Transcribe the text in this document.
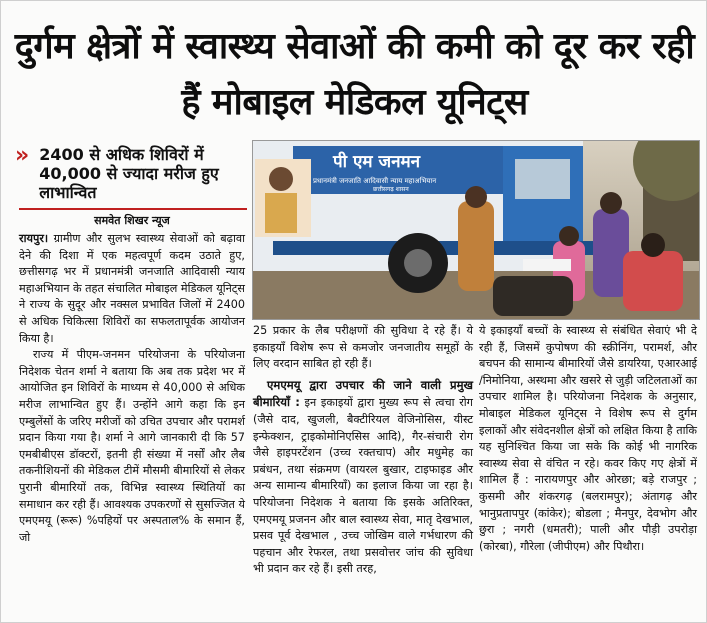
दुर्गम क्षेत्रों में स्वास्थ्य सेवाओं की कमी को दूर कर रही हैं मोबाइल मेडिकल यूनिट्स
» 2400 से अधिक शिविरों में 40,000 से ज्यादा मरीज हुए लाभान्वित
समवेत शिखर न्यूज
पी एम जनमन
प्रधानमंत्री जनजाति आदिवासी न्याय महाअभियान
छत्तीसगढ़ शासन

रायपुर। ग्रामीण और सुलभ स्वास्थ्य सेवाओं को बढ़ावा देने की दिशा में एक महत्वपूर्ण कदम उठाते हुए, छत्तीसगढ़ भर में प्रधानमंत्री जनजाति आदिवासी न्याय महाअभियान के तहत संचालित मोबाइल मेडिकल यूनिट्स ने राज्य के सुदूर और नक्सल प्रभावित जिलों में 2400 से अधिक चिकित्सा शिविरों का सफलतापूर्वक आयोजन किया है।

राज्य में पीएम-जनमन परियोजना के परियोजना निदेशक चेतन शर्मा ने बताया कि अब तक प्रदेश भर में आयोजित इन शिविरों के माध्यम से 40,000 से अधिक मरीज लाभान्वित हुए हैं। उन्होंने आगे कहा कि इन एम्बुलेंसों के जरिए मरीजों को उचित उपचार और परामर्श प्रदान किया गया है। शर्मा ने आगे जानकारी दी कि 57 एमबीबीएस डॉक्टरों, इतनी ही संख्या में नर्सों और लैब तकनीशियनों की मेडिकल टीमें मौसमी बीमारियों से लेकर पुरानी बीमारियों तक, विभिन्न स्वास्थ्य स्थितियों का समाधान कर रही हैं। आवश्यक उपकरणों से सुसज्जित ये एमएमयू (रूरू) %पहियों पर अस्पताल% के समान हैं, जो

25 प्रकार के लैब परीक्षणों की सुविधा दे रहे हैं। ये इकाइयाँ विशेष रूप से कमजोर जनजातीय समूहों के लिए वरदान साबित हो रही हैं।

एमएमयू द्वारा उपचार की जाने वाली प्रमुख बीमारियाँ : इन इकाइयों द्वारा मुख्य रूप से त्वचा रोग (जैसे दाद, खुजली, बैक्टीरियल वेजिनोसिस, यीस्ट इन्फेक्शन, ट्राइकोमोनिएसिस आदि), गैर-संचारी रोग जैसे हाइपरटेंशन (उच्च रक्तचाप) और मधुमेह का प्रबंधन, तथा संक्रमण (वायरल बुखार, टाइफाइड और अन्य सामान्य बीमारियाँ) का इलाज किया जा रहा है। परियोजना निदेशक ने बताया कि इसके अतिरिक्त, एमएमयू प्रजनन और बाल स्वास्थ्य सेवा, मातृ देखभाल, प्रसव पूर्व देखभाल , उच्च जोखिम वाले गर्भधारण की पहचान और रेफरल, तथा प्रसवोत्तर जांच की सुविधा भी प्रदान कर रहे हैं। इसी तरह,

ये इकाइयाँ बच्चों के स्वास्थ्य से संबंधित सेवाएं भी दे रही हैं, जिसमें कुपोषण की स्क्रीनिंग, परामर्श, और बचपन की सामान्य बीमारियों जैसे डायरिया, एआरआई /निमोनिया, अस्थमा और खसरे से जुड़ी जटिलताओं का उपचार शामिल है। परियोजना निदेशक के अनुसार, मोबाइल मेडिकल यूनिट्स ने विशेष रूप से दुर्गम इलाकों और संवेदनशील क्षेत्रों को लक्षित किया है ताकि यह सुनिश्चित किया जा सके कि कोई भी नागरिक स्वास्थ्य सेवा से वंचित न रहे। कवर किए गए क्षेत्रों में शामिल हैं : नारायणपुर और ओरछा; बड़े राजपुर ; कुसमी और शंकरगढ़ (बलरामपुर); अंतागढ़ और भानुप्रतापपुर (कांकेर); बोडला ; मैनपुर, देवभोग और छुरा ; नगरी (धमतरी); पाली और पौड़ी उपरोड़ा (कोरबा), गौरेला (जीपीएम) और पिथौरा।
